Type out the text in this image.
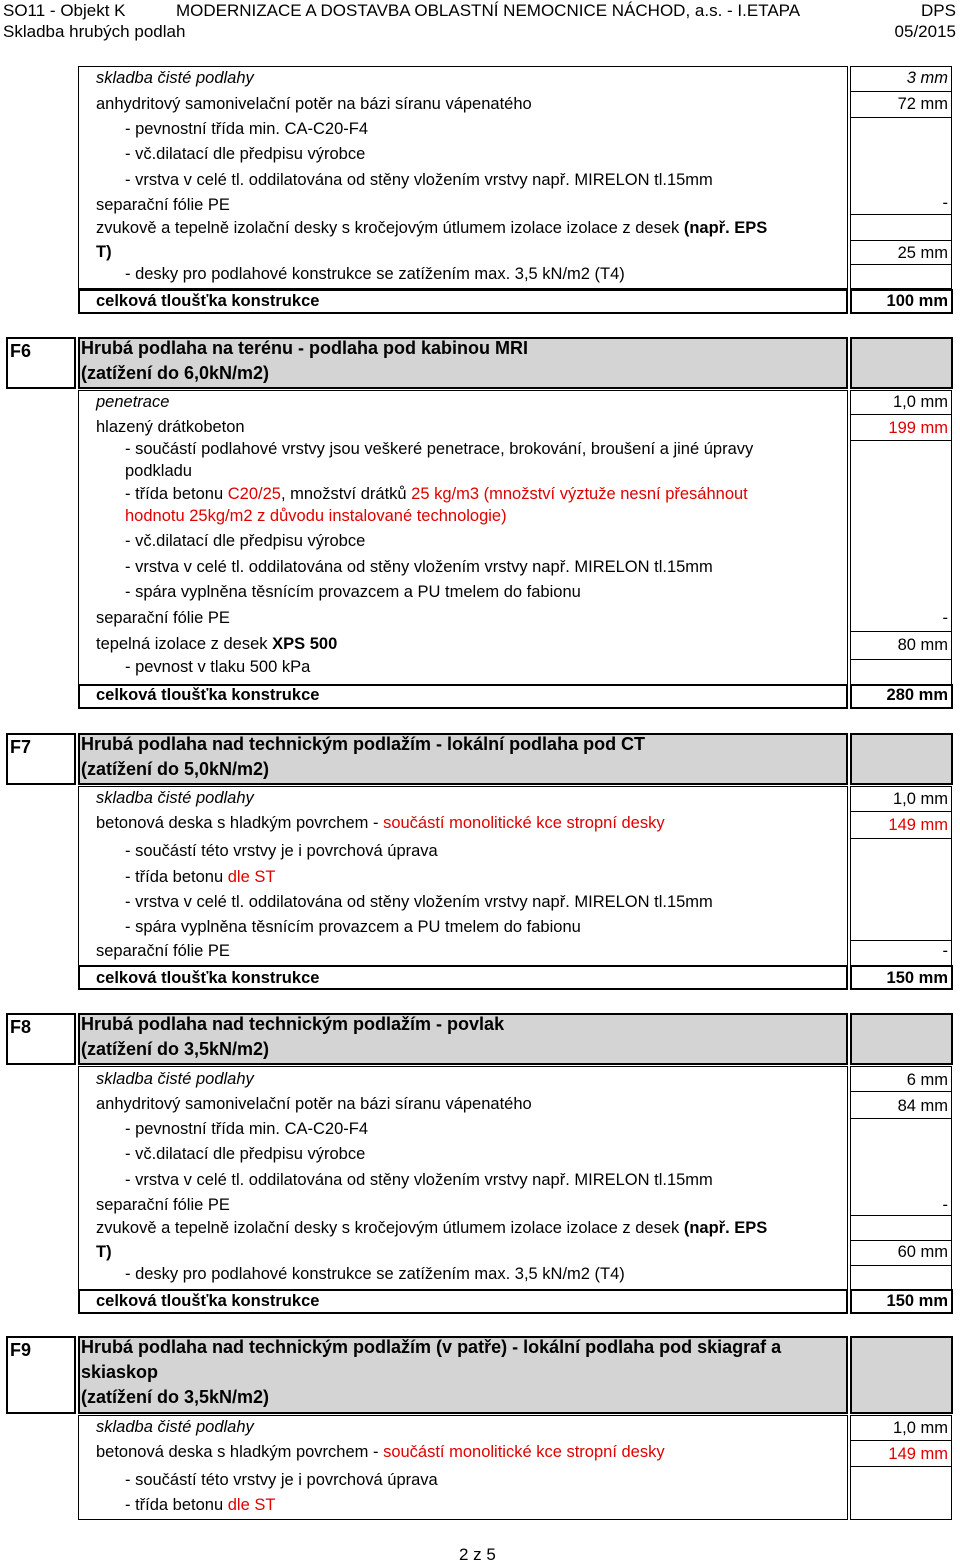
SO11 - Objekt K	MODERNIZACE A DOSTAVBA OBLASTNÍ NEMOCNICE NÁCHOD, a.s. - I.ETAPA	DPS
Skladba hrubých podlah	05/2015
skladba čisté podlahy	3 mm
anhydritový samonivelační potěr na bázi síranu vápenatého	72 mm
- pevnostní třída min. CA-C20-F4
- vč.dilatací dle předpisu výrobce
- vrstva v celé tl. oddilatována od stěny vložením vrstvy např. MIRELON tl.15mm
separační fólie PE	-
zvukově a tepelně izolační desky s kročejovým útlumem izolace izolace z desek (např. EPS
T)	25 mm
- desky pro podlahové konstrukce se zatížením max. 3,5 kN/m2 (T4)
celková tloušťka konstrukce	100 mm
F6	Hrubá podlaha na terénu - podlaha pod kabinou MRI
(zatížení do 6,0kN/m2)
penetrace	1,0 mm
hlazený drátkobeton	199 mm
- součástí podlahové vrstvy jsou veškeré penetrace, brokování, broušení a jiné úpravy
podkladu
- třída betonu C20/25, množství drátků 25 kg/m3 (množství výztuže nesní přesáhnout
hodnotu 25kg/m2 z důvodu instalované technologie)
- vč.dilatací dle předpisu výrobce
- vrstva v celé tl. oddilatována od stěny vložením vrstvy např. MIRELON tl.15mm
- spára vyplněna těsnícím provazcem a PU tmelem do fabionu
separační fólie PE	-
tepelná izolace z desek XPS 500	80 mm
- pevnost v tlaku 500 kPa
celková tloušťka konstrukce	280 mm
F7	Hrubá podlaha nad technickým podlažím - lokální podlaha pod CT
(zatížení do 5,0kN/m2)
skladba čisté podlahy	1,0 mm
betonová deska s hladkým povrchem - součástí monolitické kce stropní desky	149 mm
- součástí této vrstvy je i povrchová úprava
- třída betonu dle ST
- vrstva v celé tl. oddilatována od stěny vložením vrstvy např. MIRELON tl.15mm
- spára vyplněna těsnícím provazcem a PU tmelem do fabionu
separační fólie PE	-
celková tloušťka konstrukce	150 mm
F8	Hrubá podlaha nad technickým podlažím - povlak
(zatížení do 3,5kN/m2)
skladba čisté podlahy	6 mm
anhydritový samonivelační potěr na bázi síranu vápenatého	84 mm
- pevnostní třída min. CA-C20-F4
- vč.dilatací dle předpisu výrobce
- vrstva v celé tl. oddilatována od stěny vložením vrstvy např. MIRELON tl.15mm
separační fólie PE	-
zvukově a tepelně izolační desky s kročejovým útlumem izolace izolace z desek (např. EPS
T)	60 mm
- desky pro podlahové konstrukce se zatížením max. 3,5 kN/m2 (T4)
celková tloušťka konstrukce	150 mm
F9	Hrubá podlaha nad technickým podlažím (v patře) - lokální podlaha pod skiagraf a
skiaskop
(zatížení do 3,5kN/m2)
skladba čisté podlahy	1,0 mm
betonová deska s hladkým povrchem - součástí monolitické kce stropní desky	149 mm
- součástí této vrstvy je i povrchová úprava
- třída betonu dle ST
2 z 5
